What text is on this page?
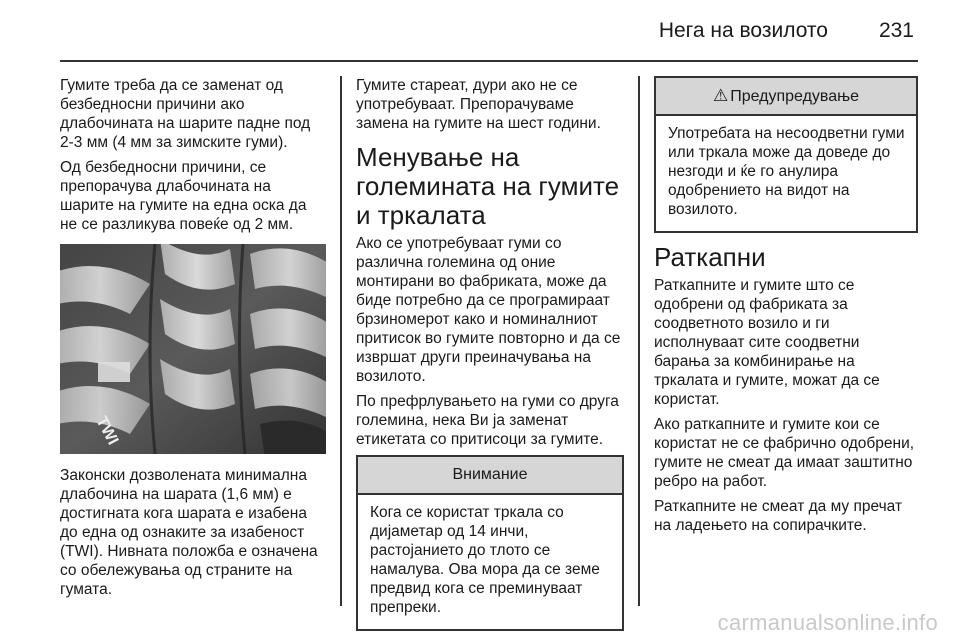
Нега на возилото 231

Гумите треба да се заменат од безбедносни причини ако длабочината на шарите падне под 2-3 мм (4 мм за зимските гуми).

Од безбедносни причини, се препорачува длабочината на шарите на гумите на една оска да не се разликува повеќе од 2 мм.

TWI

Законски дозволената минимална длабочина на шарата (1,6 мм) е достигната кога шарата е изабена до една од ознаките за изабеност (TWI). Нивната положба е означена со обележувања од страните на гумата.

Гумите стареат, дури ако не се употребуваат. Препорачуваме замена на гумите на шест години.

Менување на големината на гумите и тркалата

Ако се употребуваат гуми со различна големина од оние монтирани во фабриката, може да биде потребно да се програмираат брзиномерот како и номиналниот притисок во гумите повторно и да се извршат други преиначувања на возилото.

По префрлувањето на гуми со друга големина, нека Ви ја заменат етикетата со притисоци за гумите.

Внимание

Кога се користат тркала со дијаметар од 14 инчи, растојанието до тлото се намалува. Ова мора да се земе предвид кога се преминуваат препреки.

⚠ Предупредување

Употребата на несоодветни гуми или тркала може да доведе до незгоди и ќе го анулира одобрението на видот на возилото.

Раткапни

Раткапните и гумите што се одобрени од фабриката за соодветното возило и ги исполнуваат сите соодветни барања за комбинирање на тркалата и гумите, можат да се користат.

Ако раткапните и гумите кои се користат не се фабрично одобрени, гумите не смеат да имаат заштитно ребро на работ.

Раткапните не смеат да му пречат на ладењето на сопирачките.

carmanualsonline.info
